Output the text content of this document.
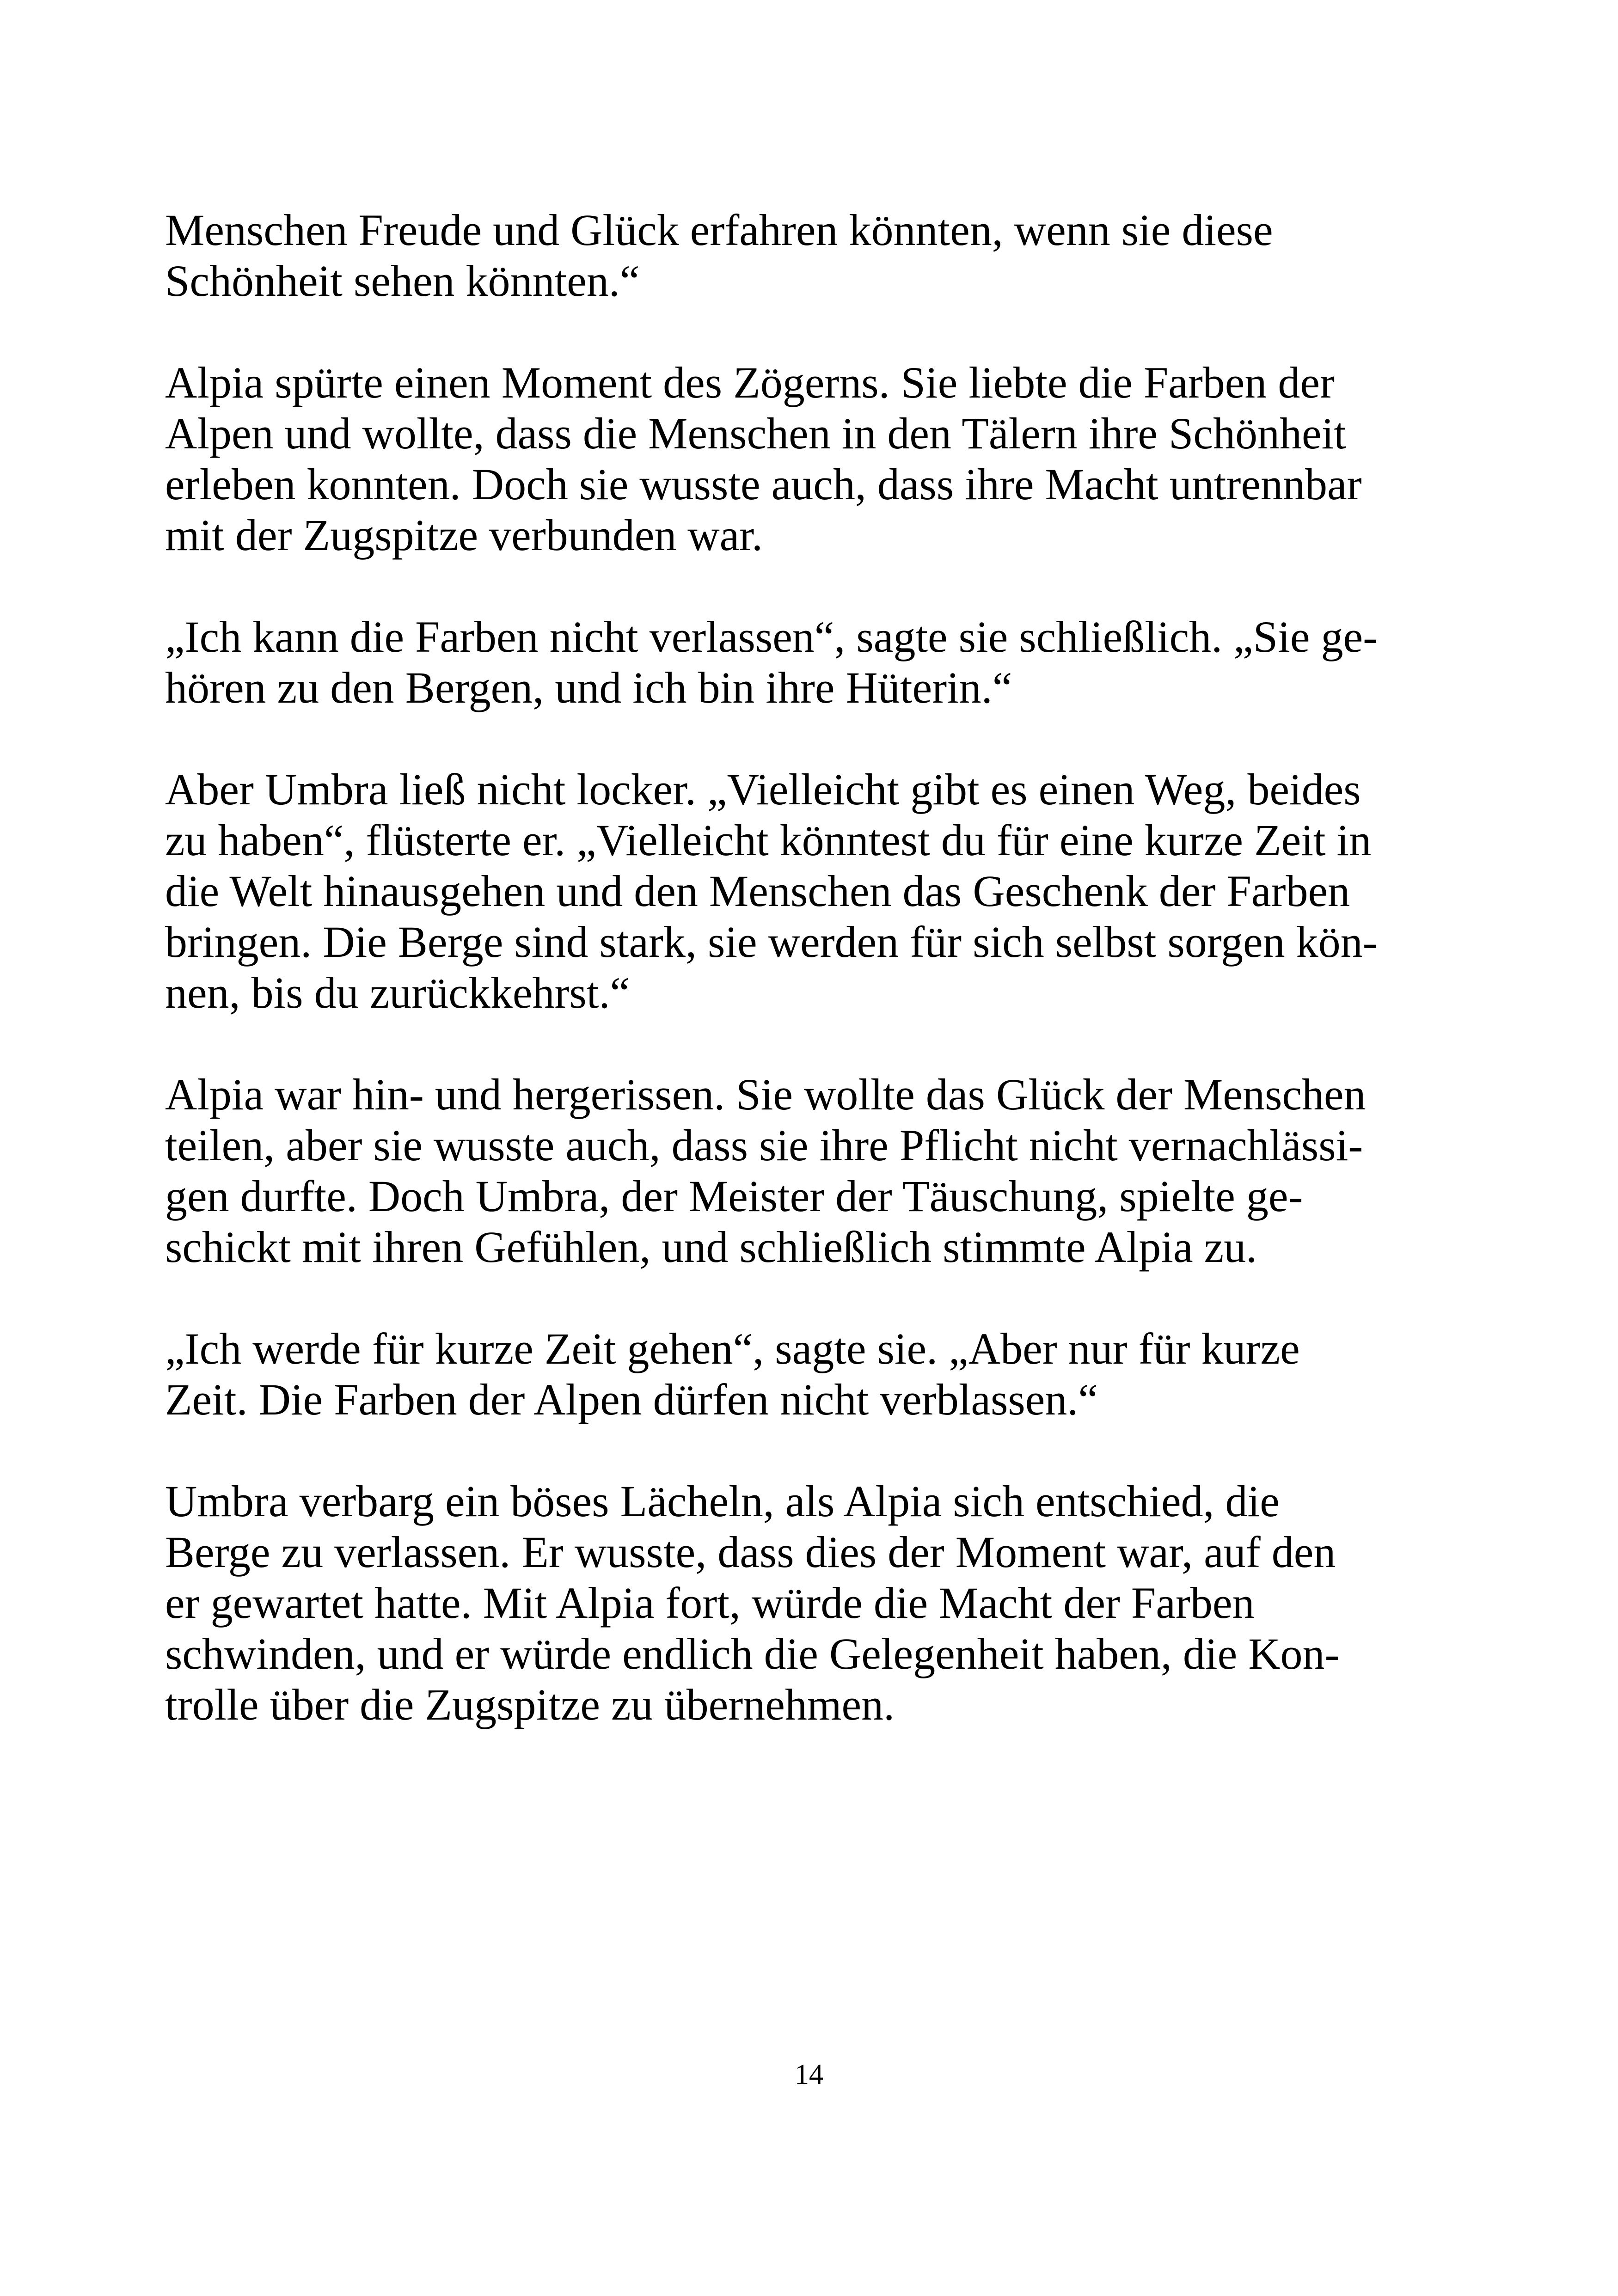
Menschen Freude und Glück erfahren könnten, wenn sie diese
Schönheit sehen könnten.“

Alpia spürte einen Moment des Zögerns. Sie liebte die Farben der
Alpen und wollte, dass die Menschen in den Tälern ihre Schönheit
erleben konnten. Doch sie wusste auch, dass ihre Macht untrennbar
mit der Zugspitze verbunden war.

„Ich kann die Farben nicht verlassen“, sagte sie schließlich. „Sie ge-
hören zu den Bergen, und ich bin ihre Hüterin.“

Aber Umbra ließ nicht locker. „Vielleicht gibt es einen Weg, beides
zu haben“, flüsterte er. „Vielleicht könntest du für eine kurze Zeit in
die Welt hinausgehen und den Menschen das Geschenk der Farben
bringen. Die Berge sind stark, sie werden für sich selbst sorgen kön-
nen, bis du zurückkehrst.“

Alpia war hin- und hergerissen. Sie wollte das Glück der Menschen
teilen, aber sie wusste auch, dass sie ihre Pflicht nicht vernachlässi-
gen durfte. Doch Umbra, der Meister der Täuschung, spielte ge-
schickt mit ihren Gefühlen, und schließlich stimmte Alpia zu.

„Ich werde für kurze Zeit gehen“, sagte sie. „Aber nur für kurze
Zeit. Die Farben der Alpen dürfen nicht verblassen.“

Umbra verbarg ein böses Lächeln, als Alpia sich entschied, die
Berge zu verlassen. Er wusste, dass dies der Moment war, auf den
er gewartet hatte. Mit Alpia fort, würde die Macht der Farben
schwinden, und er würde endlich die Gelegenheit haben, die Kon-
trolle über die Zugspitze zu übernehmen.

14
